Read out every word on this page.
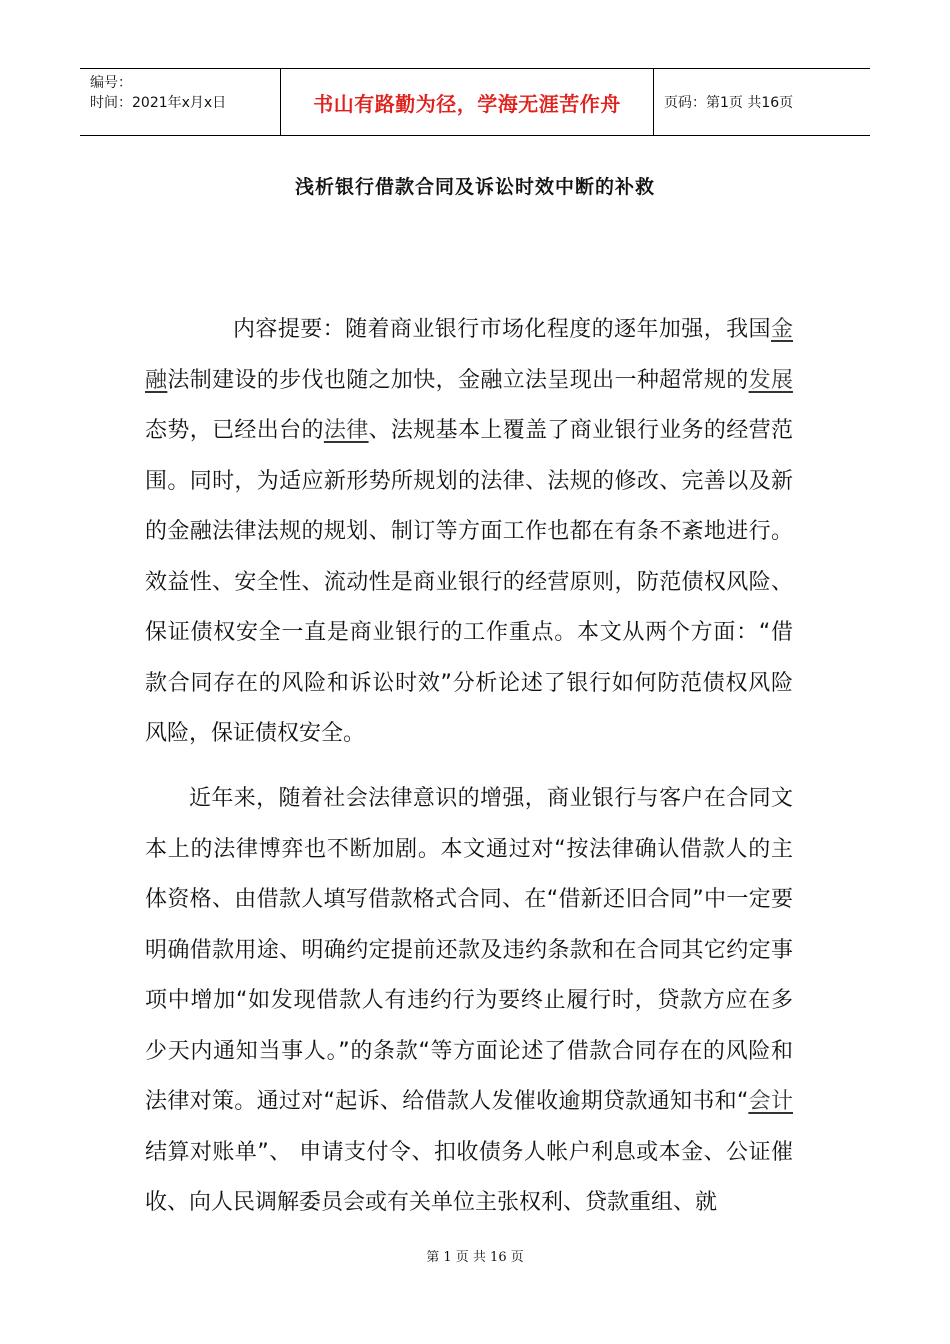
编号：
时间：2021年x月x日	书山有路勤为径，学海无涯苦作舟	页码：第1页 共16页
浅析银行借款合同及诉讼时效中断的补救
内容提要：随着商业银行市场化程度的逐年加强，我国金融法制建设的步伐也随之加快，金融立法呈现出一种超常规的发展态势，已经出台的法律、法规基本上覆盖了商业银行业务的经营范围。同时，为适应新形势所规划的法律、法规的修改、完善以及新的金融法律法规的规划、制订等方面工作也都在有条不紊地进行。效益性、安全性、流动性是商业银行的经营原则，防范债权风险、保证债权安全一直是商业银行的工作重点。本文从两个方面：“借款合同存在的风险和诉讼时效”分析论述了银行如何防范债权风险风险，保证债权安全。
近年来，随着社会法律意识的增强，商业银行与客户在合同文本上的法律博弈也不断加剧。本文通过对“按法律确认借款人的主体资格、由借款人填写借款格式合同、在“借新还旧合同”中一定要明确借款用途、明确约定提前还款及违约条款和在合同其它约定事项中增加“如发现借款人有违约行为要终止履行时，贷款方应在多少天内通知当事人。”的条款“等方面论述了借款合同存在的风险和法律对策。通过对“起诉、给借款人发催收逾期贷款通知书和“会计结算对账单”、 申请支付令、扣收债务人帐户利息或本金、公证催收、向人民调解委员会或有关单位主张权利、贷款重组、就
第 1 页 共 16 页
